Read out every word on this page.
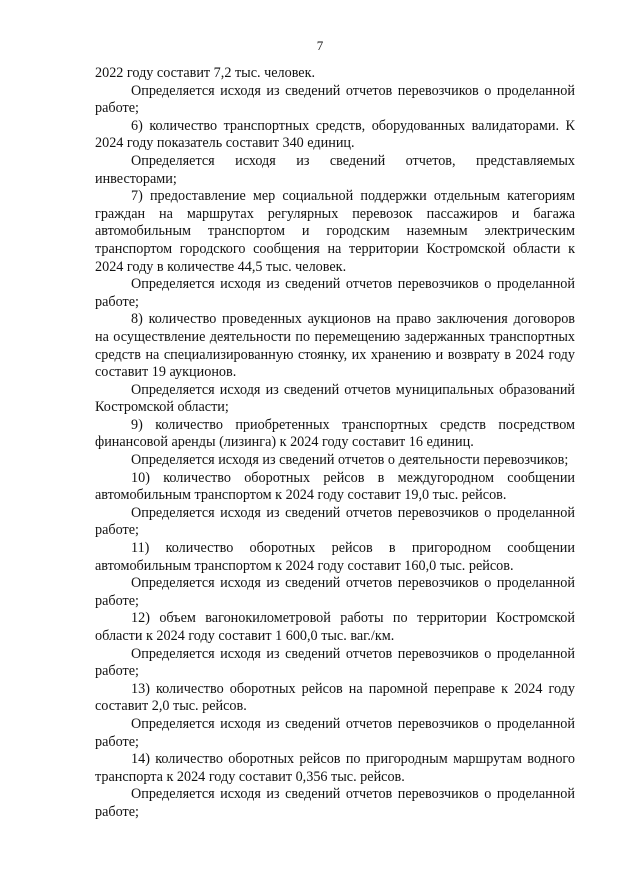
7

2022 году составит 7,2 тыс. человек.

Определяется исходя из сведений отчетов перевозчиков о проделанной работе;

6) количество транспортных средств, оборудованных валидаторами. К 2024 году показатель составит 340 единиц.

Определяется исходя из сведений отчетов, представляемых инвесторами;

7) предоставление мер социальной поддержки отдельным категориям граждан на маршрутах регулярных перевозок пассажиров и багажа автомобильным транспортом и городским наземным электрическим транспортом городского сообщения на территории Костромской области к 2024 году в количестве 44,5 тыс. человек.

Определяется исходя из сведений отчетов перевозчиков о проделанной работе;

8) количество проведенных аукционов на право заключения договоров на осуществление деятельности по перемещению задержанных транспортных средств на специализированную стоянку, их хранению и возврату в 2024 году составит 19 аукционов.

Определяется исходя из сведений отчетов муниципальных образований Костромской области;

9) количество приобретенных транспортных средств посредством финансовой аренды (лизинга) к 2024 году составит 16 единиц.

Определяется исходя из сведений отчетов о деятельности перевозчиков;

10) количество оборотных рейсов в междугородном сообщении автомобильным транспортом к 2024 году составит 19,0 тыс. рейсов.

Определяется исходя из сведений отчетов перевозчиков о проделанной работе;

11) количество оборотных рейсов в пригородном сообщении автомобильным транспортом к 2024 году составит 160,0 тыс. рейсов.

Определяется исходя из сведений отчетов перевозчиков о проделанной работе;

12) объем вагонокилометровой работы по территории Костромской области к 2024 году составит 1 600,0 тыс. ваг./км.

Определяется исходя из сведений отчетов перевозчиков о проделанной работе;

13) количество оборотных рейсов на паромной переправе к 2024 году составит 2,0 тыс. рейсов.

Определяется исходя из сведений отчетов перевозчиков о проделанной работе;

14) количество оборотных рейсов по пригородным маршрутам водного транспорта к 2024 году составит 0,356 тыс. рейсов.

Определяется исходя из сведений отчетов перевозчиков о проделанной работе;
